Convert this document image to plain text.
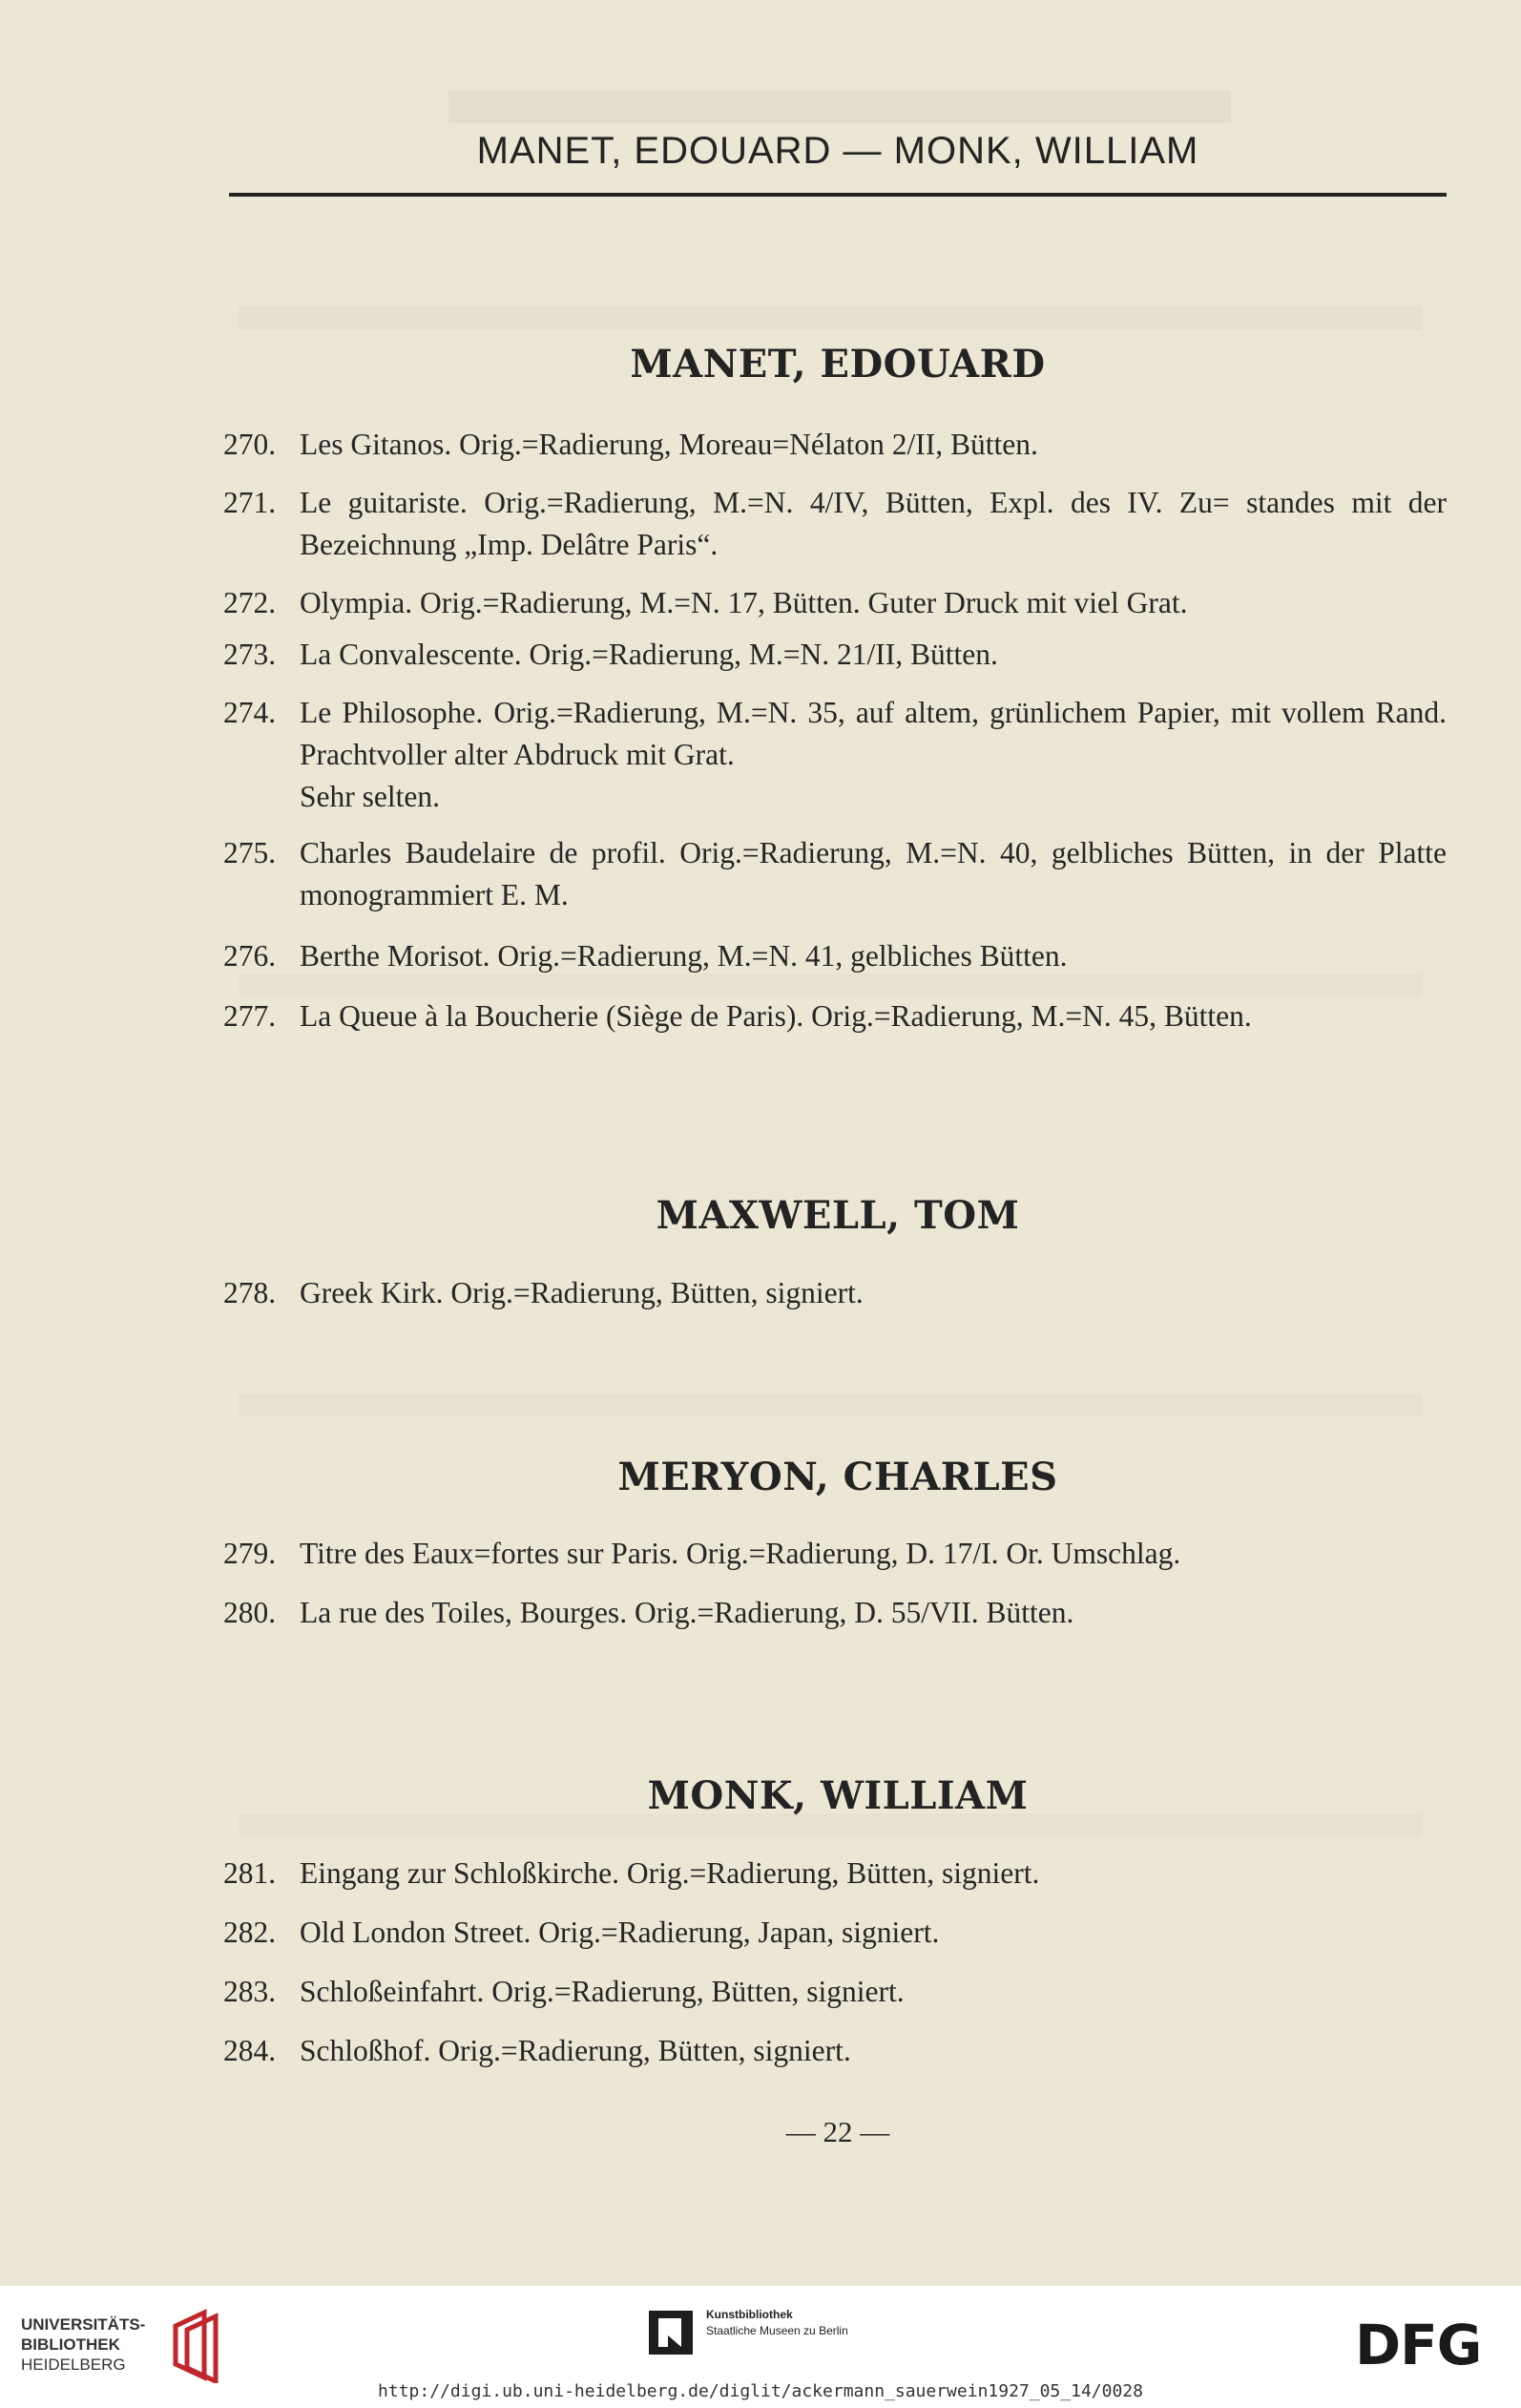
MANET, EDOUARD — MONK, WILLIAM
MANET, EDOUARD
270. Les Gitanos. Orig.=Radierung, Moreau=Nélaton 2/II, Bütten.
271. Le guitariste. Orig.=Radierung, M.=N. 4/IV, Bütten, Expl. des IV. Zu= standes mit der Bezeichnung „Imp. Delâtre Paris“.
272. Olympia. Orig.=Radierung, M.=N. 17, Bütten. Guter Druck mit viel Grat.
273. La Convalescente. Orig.=Radierung, M.=N. 21/II, Bütten.
274. Le Philosophe. Orig.=Radierung, M.=N. 35, auf altem, grünlichem Papier, mit vollem Rand. Prachtvoller alter Abdruck mit Grat.
Sehr selten.
275. Charles Baudelaire de profil. Orig.=Radierung, M.=N. 40, gelbliches Bütten, in der Platte monogrammiert E. M.
276. Berthe Morisot. Orig.=Radierung, M.=N. 41, gelbliches Bütten.
277. La Queue à la Boucherie (Siège de Paris). Orig.=Radierung, M.=N. 45, Bütten.
MAXWELL, TOM
278. Greek Kirk. Orig.=Radierung, Bütten, signiert.
MERYON, CHARLES
279. Titre des Eaux=fortes sur Paris. Orig.=Radierung, D. 17/I. Or. Umschlag.
280. La rue des Toiles, Bourges. Orig.=Radierung, D. 55/VII. Bütten.
MONK, WILLIAM
281. Eingang zur Schloßkirche. Orig.=Radierung, Bütten, signiert.
282. Old London Street. Orig.=Radierung, Japan, signiert.
283. Schloßeinfahrt. Orig.=Radierung, Bütten, signiert.
284. Schloßhof. Orig.=Radierung, Bütten, signiert.
— 22 —
UNIVERSITÄTS-
BIBLIOTHEK
HEIDELBERG
Kunstbibliothek
Staatliche Museen zu Berlin	DFG
http://digi.ub.uni-heidelberg.de/diglit/ackermann_sauerwein1927_05_14/0028
